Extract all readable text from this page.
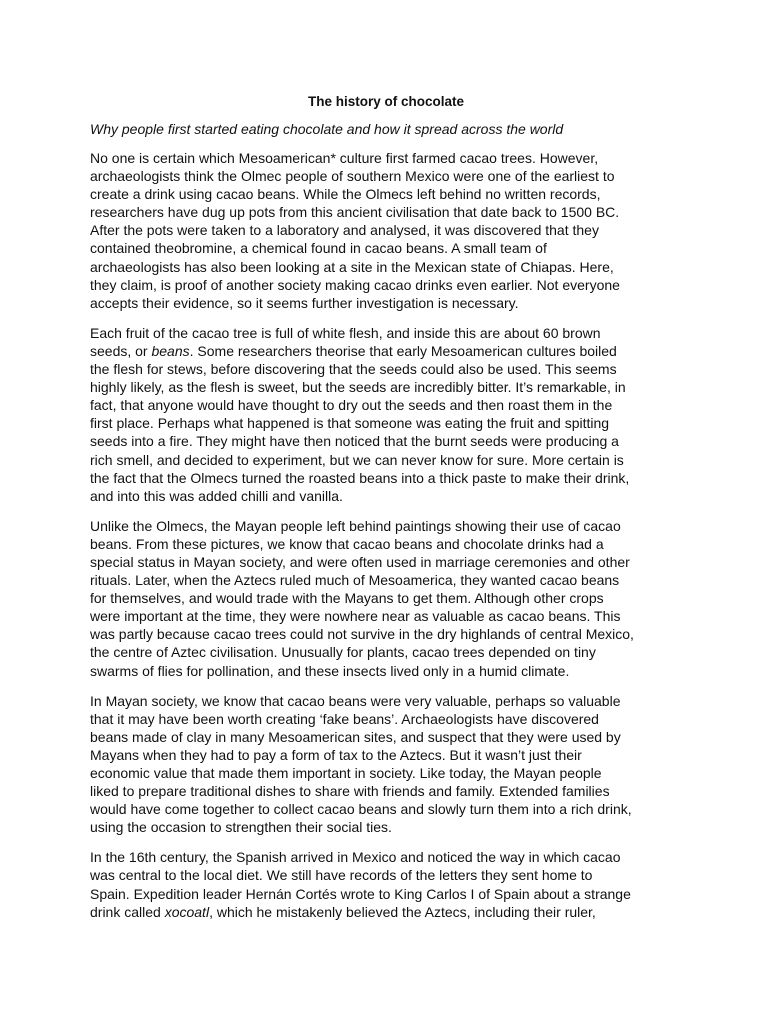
The history of chocolate
Why people first started eating chocolate and how it spread across the world
No one is certain which Mesoamerican* culture first farmed cacao trees. However,
archaeologists think the Olmec people of southern Mexico were one of the earliest to
create a drink using cacao beans. While the Olmecs left behind no written records,
researchers have dug up pots from this ancient civilisation that date back to 1500 BC.
After the pots were taken to a laboratory and analysed, it was discovered that they
contained theobromine, a chemical found in cacao beans. A small team of
archaeologists has also been looking at a site in the Mexican state of Chiapas. Here,
they claim, is proof of another society making cacao drinks even earlier. Not everyone
accepts their evidence, so it seems further investigation is necessary.
Each fruit of the cacao tree is full of white flesh, and inside this are about 60 brown
seeds, or beans. Some researchers theorise that early Mesoamerican cultures boiled
the flesh for stews, before discovering that the seeds could also be used. This seems
highly likely, as the flesh is sweet, but the seeds are incredibly bitter. It’s remarkable, in
fact, that anyone would have thought to dry out the seeds and then roast them in the
first place. Perhaps what happened is that someone was eating the fruit and spitting
seeds into a fire. They might have then noticed that the burnt seeds were producing a
rich smell, and decided to experiment, but we can never know for sure. More certain is
the fact that the Olmecs turned the roasted beans into a thick paste to make their drink,
and into this was added chilli and vanilla.
Unlike the Olmecs, the Mayan people left behind paintings showing their use of cacao
beans. From these pictures, we know that cacao beans and chocolate drinks had a
special status in Mayan society, and were often used in marriage ceremonies and other
rituals. Later, when the Aztecs ruled much of Mesoamerica, they wanted cacao beans
for themselves, and would trade with the Mayans to get them. Although other crops
were important at the time, they were nowhere near as valuable as cacao beans. This
was partly because cacao trees could not survive in the dry highlands of central Mexico,
the centre of Aztec civilisation. Unusually for plants, cacao trees depended on tiny
swarms of flies for pollination, and these insects lived only in a humid climate.
In Mayan society, we know that cacao beans were very valuable, perhaps so valuable
that it may have been worth creating ‘fake beans’. Archaeologists have discovered
beans made of clay in many Mesoamerican sites, and suspect that they were used by
Mayans when they had to pay a form of tax to the Aztecs. But it wasn’t just their
economic value that made them important in society. Like today, the Mayan people
liked to prepare traditional dishes to share with friends and family. Extended families
would have come together to collect cacao beans and slowly turn them into a rich drink,
using the occasion to strengthen their social ties.
In the 16th century, the Spanish arrived in Mexico and noticed the way in which cacao
was central to the local diet. We still have records of the letters they sent home to
Spain. Expedition leader Hernán Cortés wrote to King Carlos I of Spain about a strange
drink called xocoatl, which he mistakenly believed the Aztecs, including their ruler,
